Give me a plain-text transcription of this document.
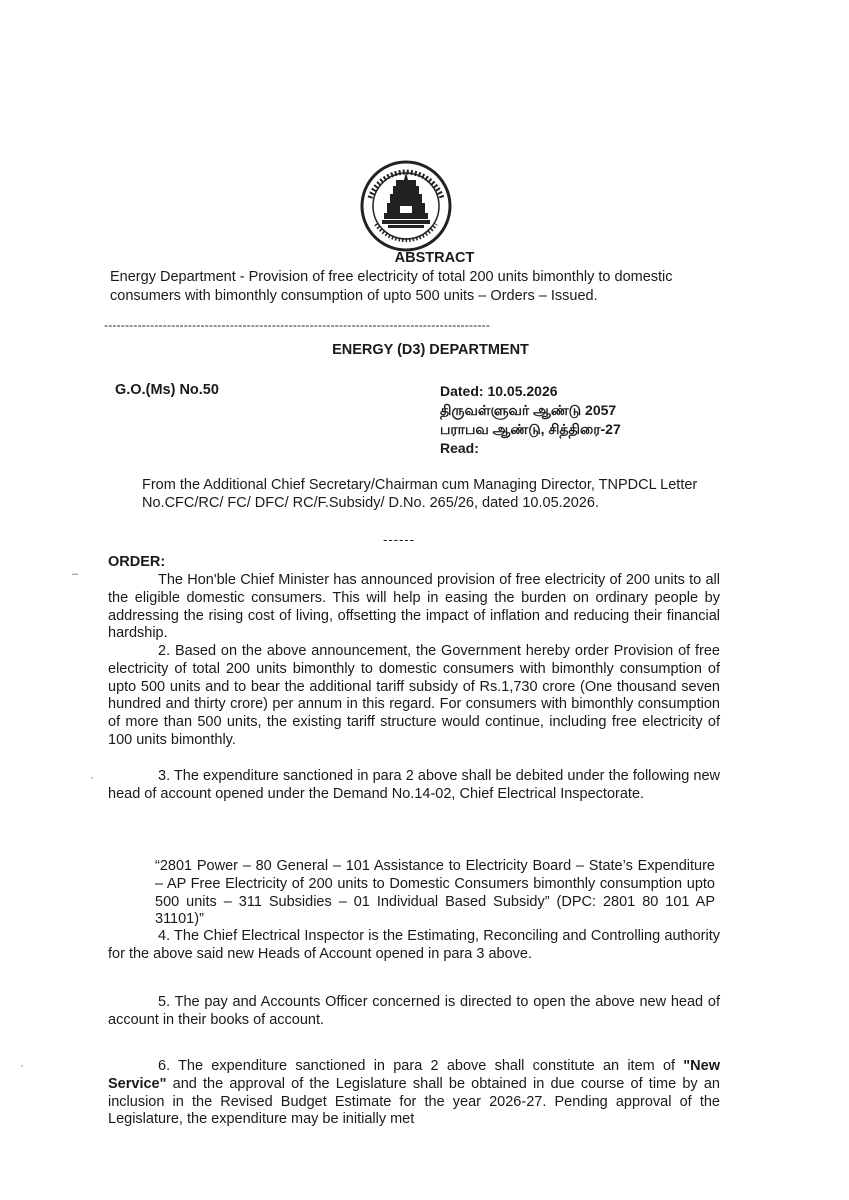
ABSTRACT
Energy Department - Provision of free electricity of total 200 units bimonthly to domestic consumers with bimonthly consumption of upto 500 units – Orders – Issued.
--------------------------------------------------------------------------------------------
ENERGY (D3) DEPARTMENT
G.O.(Ms) No.50	Dated: 10.05.2026
திருவள்ளுவர் ஆண்டு 2057
பராபவ ஆண்டு, சித்திரை-27
Read:
From the Additional Chief Secretary/Chairman cum Managing Director, TNPDCL Letter No.CFC/RC/ FC/ DFC/ RC/F.Subsidy/ D.No. 265/26, dated 10.05.2026.
------
ORDER:
The Hon'ble Chief Minister has announced provision of free electricity of 200 units to all the eligible domestic consumers. This will help in easing the burden on ordinary people by addressing the rising cost of living, offsetting the impact of inflation and reducing their financial hardship.
2. Based on the above announcement, the Government hereby order Provision of free electricity of total 200 units bimonthly to domestic consumers with bimonthly consumption of upto 500 units and to bear the additional tariff subsidy of Rs.1,730 crore (One thousand seven hundred and thirty crore) per annum in this regard. For consumers with bimonthly consumption of more than 500 units, the existing tariff structure would continue, including free electricity of 100 units bimonthly.
3. The expenditure sanctioned in para 2 above shall be debited under the following new head of account opened under the Demand No.14-02, Chief Electrical Inspectorate.
“2801 Power – 80 General – 101 Assistance to Electricity Board – State’s Expenditure – AP Free Electricity of 200 units to Domestic Consumers bimonthly consumption upto 500 units – 311 Subsidies – 01 Individual Based Subsidy” (DPC: 2801 80 101 AP 31101)”
4. The Chief Electrical Inspector is the Estimating, Reconciling and Controlling authority for the above said new Heads of Account opened in para 3 above.
5. The pay and Accounts Officer concerned is directed to open the above new head of account in their books of account.
6. The expenditure sanctioned in para 2 above shall constitute an item of "New Service" and the approval of the Legislature shall be obtained in due course of time by an inclusion in the Revised Budget Estimate for the year 2026-27. Pending approval of the Legislature, the expenditure may be initially met
–
·
·
